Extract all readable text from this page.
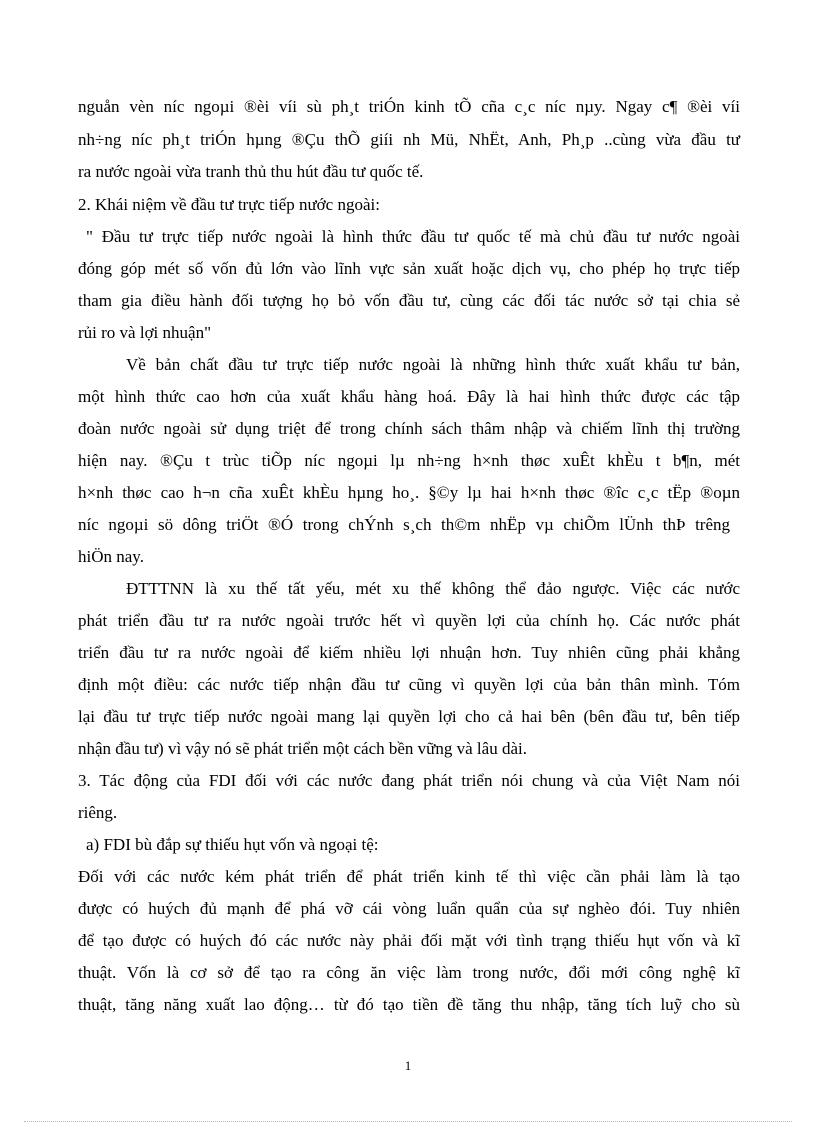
nguån vèn níc ngoµi ®èi víi sù ph¸t triÓn kinh tÕ cña c¸c níc nµy. Ngay c¶ ®èi víi
nh÷ng níc ph¸t triÓn hµng ®Çu thÕ giíi nh Mü, NhËt, Anh, Ph¸p ..cùng vừa đầu tư
ra nước ngoài vừa tranh thủ thu hút đầu tư quốc tế.
2. Khái niệm về đầu tư trực tiếp nước ngoài:
" Đầu tư trực tiếp nước ngoài là hình thức đầu tư quốc tế mà chủ đầu tư nước ngoài
đóng góp mét số vốn đủ lớn vào lĩnh vực sản xuất hoặc dịch vụ, cho phép họ trực tiếp
tham gia điều hành đối tượng họ bỏ vốn đầu tư, cùng các đối tác nước sở tại chia sẻ
rủi ro và lợi nhuận"
Về bản chất đầu tư trực tiếp nước ngoài là những hình thức xuất khẩu tư bản,
một hình thức cao hơn của xuất khẩu hàng hoá. Đây là hai hình thức được các tập
đoàn nước ngoài sử dụng triệt để trong chính sách thâm nhập và chiếm lĩnh thị trường
hiện nay. ®Çu t trùc tiÕp níc ngoµi lµ nh÷ng h×nh thøc xuÊt khÈu t b¶n, mét
h×nh thøc cao h¬n cña xuÊt khÈu hµng ho¸. §©y lµ hai h×nh thøc ®îc c¸c tËp ®oµn
níc ngoµi sö dông triÖt ®Ó trong chÝnh s¸ch th©m nhËp vµ chiÕm lÜnh thÞ trêng
hiÖn nay.
ĐTTTNN là xu thế tất yếu, mét xu thế không thể đảo ngược. Việc các nước
phát triển đầu tư ra nước ngoài trước hết vì quyền lợi của chính họ. Các nước phát
triển đầu tư ra nước ngoài để kiếm nhiều lợi nhuận hơn. Tuy nhiên cũng phải khẳng
định một điều: các nước tiếp nhận đầu tư cũng vì quyền lợi của bản thân mình. Tóm
lại đầu tư trực tiếp nước ngoài mang lại quyền lợi cho cả hai bên (bên đầu tư, bên tiếp
nhận đầu tư) vì vậy nó sẽ phát triển một cách bền vững và lâu dài.
3. Tác động của FDI đối với các nước đang phát triển nói chung và của Việt Nam nói
riêng.
a) FDI bù đắp sự thiếu hụt vốn và ngoại tệ:
Đối với các nước kém phát triển để phát triển kinh tế thì việc cần phải làm là tạo
được có huých đủ mạnh để phá vỡ cái vòng luẩn quẩn của sự nghèo đói. Tuy nhiên
để tạo được có huých đó các nước này phải đối mặt với tình trạng thiếu hụt vốn và kĩ
thuật. Vốn là cơ sở để tạo ra công ăn việc làm trong nước, đổi mới công nghệ kĩ
thuật, tăng năng xuất lao động… từ đó tạo tiền đề tăng thu nhập, tăng tích luỹ cho sù
1
